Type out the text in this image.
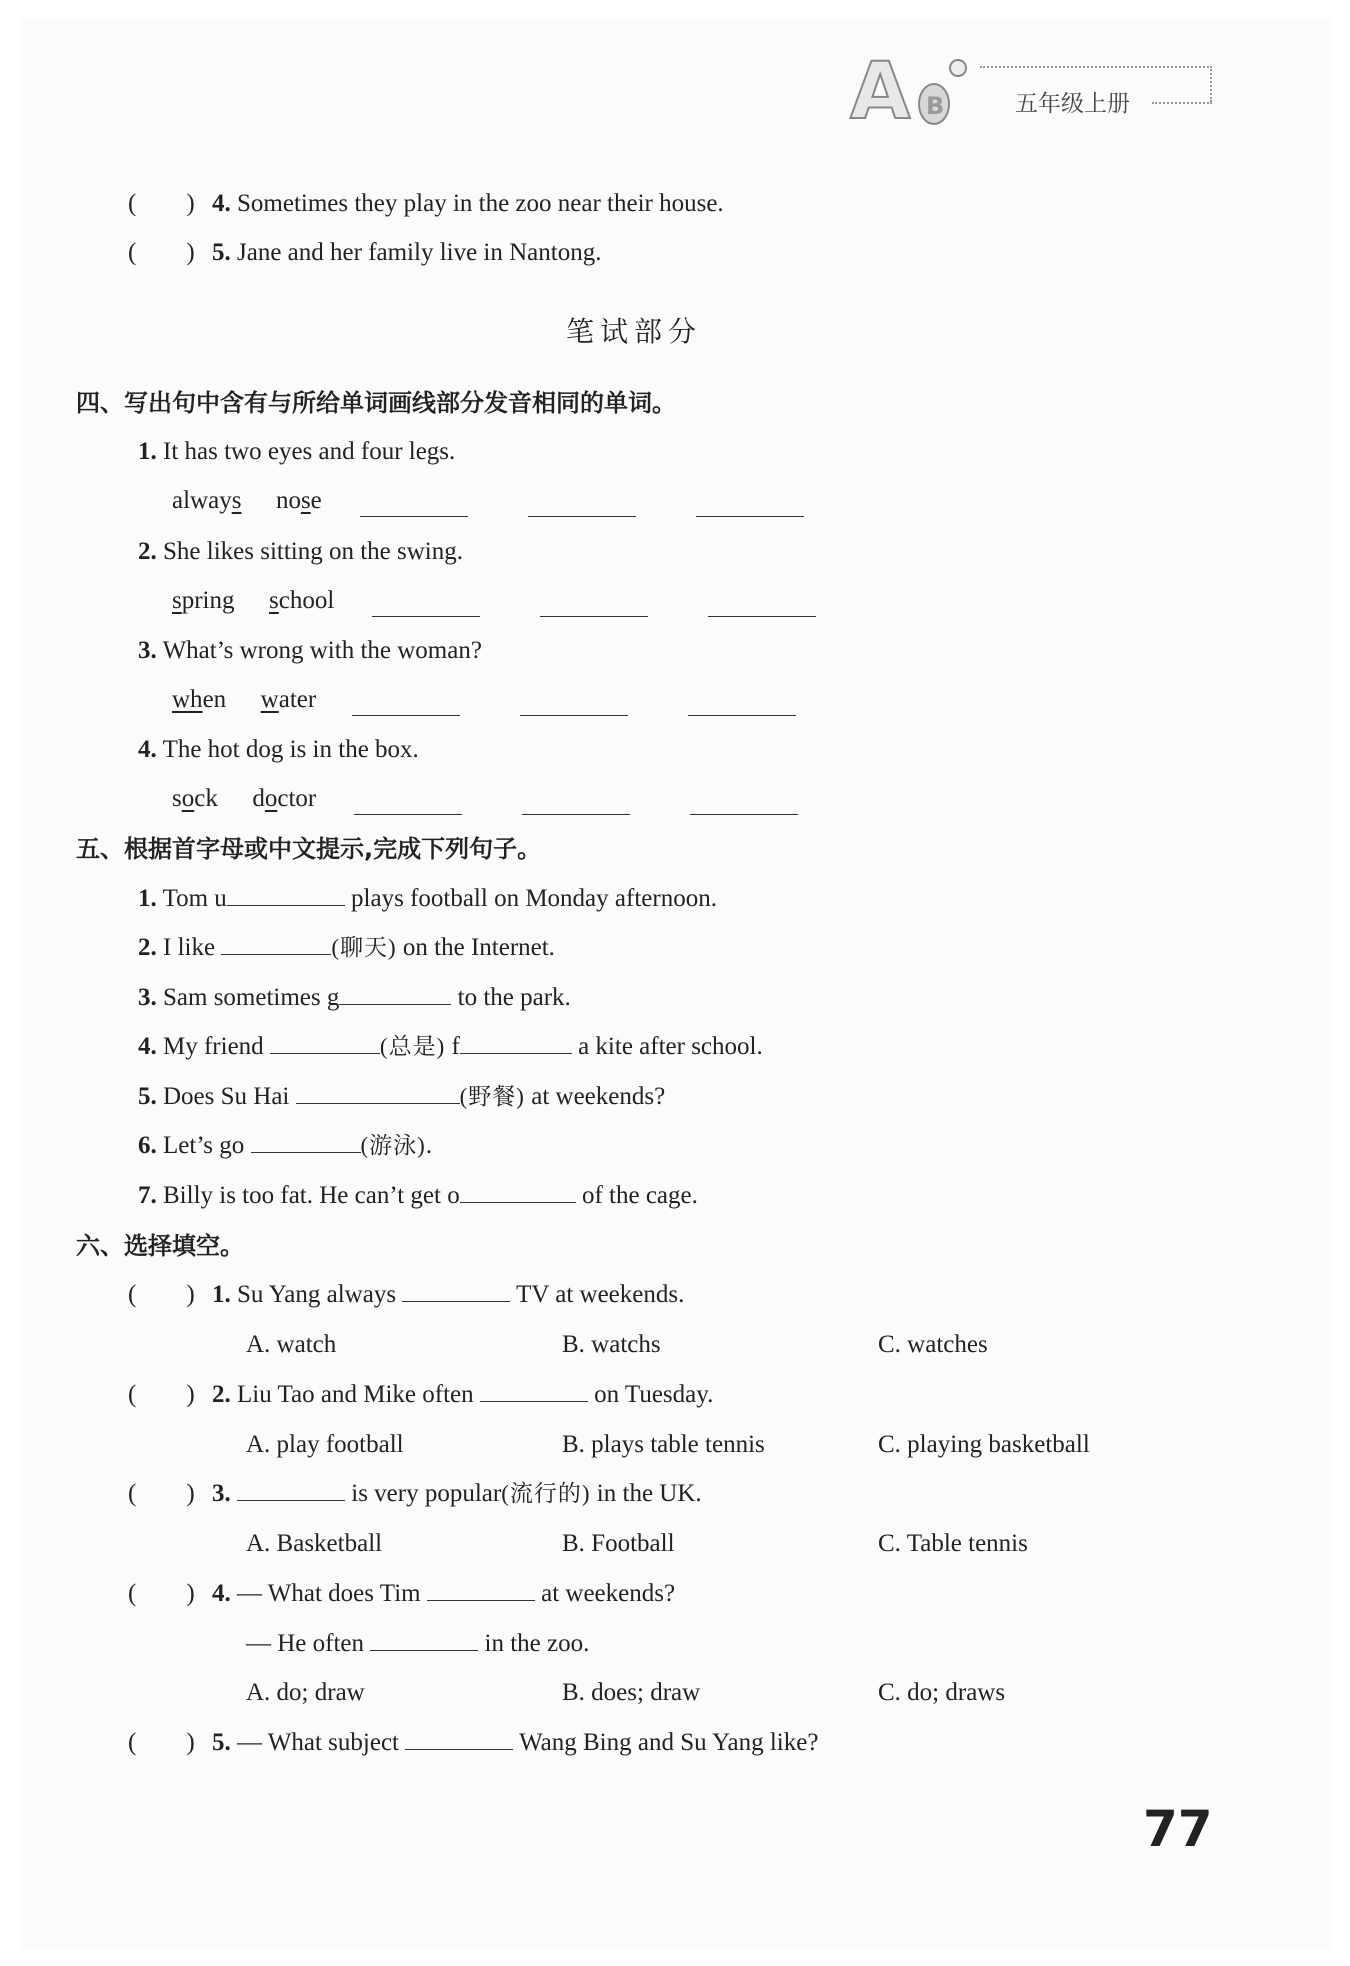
A B	五年级上册
(　　) 4. Sometimes they play in the zoo near their house.
(　　) 5. Jane and her family live in Nantong.
笔试部分
四、写出句中含有与所给单词画线部分发音相同的单词。
1. It has two eyes and four legs.
always nose
2. She likes sitting on the swing.
spring school
3. What’s wrong with the woman?
when water
4. The hot dog is in the box.
sock doctor
五、根据首字母或中文提示,完成下列句子。
1. Tom u	plays football on Monday afternoon.
2. I like	(聊天) on the Internet.
3. Sam sometimes g	to the park.
4. My friend	(总是) f	a kite after school.
5. Does Su Hai	(野餐) at weekends?
6. Let’s go	(游泳).
7. Billy is too fat. He can’t get o	of the cage.
六、选择填空。
(　　) 1. Su Yang always	TV at weekends.
A. watch	B. watchs	C. watches
(　　) 2. Liu Tao and Mike often	on Tuesday.
A. play football	B. plays table tennis	C. playing basketball
(　　) 3.	is very popular(流行的) in the UK.
A. Basketball	B. Football	C. Table tennis
(　　) 4. — What does Tim	at weekends?
— He often	in the zoo.
A. do; draw	B. does; draw	C. do; draws
(　　) 5. — What subject	Wang Bing and Su Yang like?
77
